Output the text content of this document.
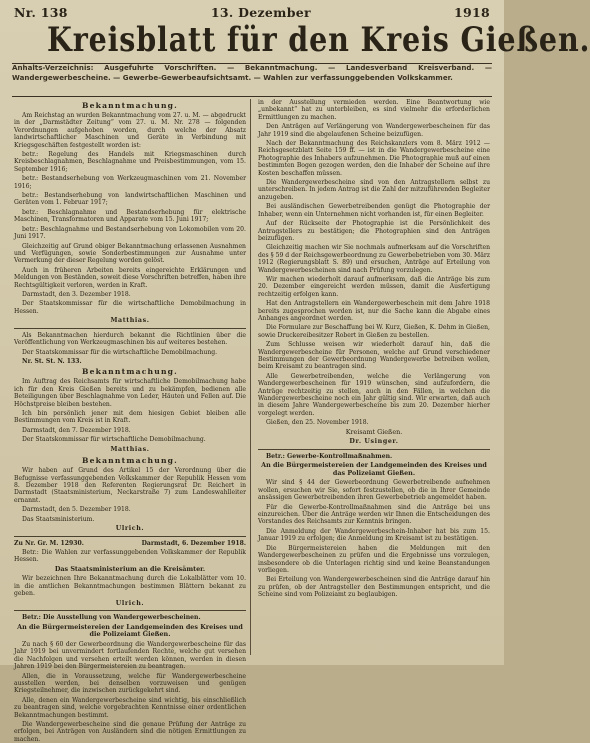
Nr. 138	13. Dezember	1918
Kreisblatt für den Kreis Gießen.
Anhalts-Verzeichnis: Ausgefuhrte Vorschriften. — Bekanntmachung. — Landesverband Kreisverband. — Wandergewerbescheine. — Gewerbe-Gewerbeaufsichtsamt. — Wahlen zur verfassunggebenden Volkskammer.
Bekanntmachung.

Am Reichstag an wurden Bekanntmachung vom 27. u. M. — abgedruckt in der „Darmstädter Zeitung“ vom 27. u. M. Nr. 278 — folgenden Verordnungen aufgehoben worden, durch welche der Absatz landwirtschaftlicher Maschinen und Geräte in Verbindung mit Kriegsgeschäften festgestellt worden ist:

betr.: Regelung des Handels mit Kriegsmaschinen durch Kreisbeschlagnahmen, Beschlagnahme und Preisbestimmungen, vom 15. September 1916;

betr.: Bestandserhebung von Werkzeugmaschinen vom 21. November 1916;

betr.: Bestandserhebung von landwirtschaftlichen Maschinen und Geräten vom 1. Februar 1917;

betr.: Beschlagnahme und Bestandserhebung für elektrische Maschinen, Transformatoren und Apparate vom 15. Juni 1917;

betr.: Beschlagnahme und Bestandserhebung von Lokomobilen vom 20. Juni 1917.

Gleichzeitig auf Grund obiger Bekanntmachung erlassenen Ausnahmen und Verfügungen, sowie Sonderbestimmungen zur Ausnahme unter Vermerkung der dieser Regelung worden gelöst.

Auch in früheren Arbeiten bereits eingereichte Erklärungen und Meldungen von Beständen, soweit diese Vorschriften betreffen, haben ihre Rechtsgültigkeit verloren, werden in Kraft.

Darmstadt, den 3. Dezember 1918.

Der Staatskommissar für die wirtschaftliche Demobilmachung in Hessen.

Matthias.

Als Bekanntmachen hierdurch bekannt die Richtlinien über die Veröffentlichung von Werkzeugmaschinen bis auf weiteres bestehen.

Der Staatskommissar für die wirtschaftliche Demobilmachung.

Nr. St. St. N. 133.

Bekanntmachung.

Im Auftrag des Reichsamts für wirtschaftliche Demobilmachung habe ich für den Kreis Gießen bereits und zu bekämpfen, bedienen alle Beteiligungen über Beschlagnahme von Leder, Häuten und Fellen auf. Die Höchstpreise bleiben bestehen.

Ich bin persönlich jener mit dem hiesigen Gebiet bleiben alle Bestimmungen vom Kreis ist in Kraft.

Darmstadt, den 7. Dezember 1918.

Der Staatskommissar für wirtschaftliche Demobilmachung.

Matthias.
Bekanntmachung.

Wir haben auf Grund des Artikel 15 der Verordnung über die Befugnisse verfassunggebenden Volkskammer der Republik Hessen vom 8. Dezember 1918 den Referenten Regierungsrat Dr. Reichert in Darmstadt (Staatsministerium, Neckarstraße 7) zum Landeswahlleiter ernannt.

Darmstadt, den 5. Dezember 1918.

Das Staatsministerium.

Ulrich.
Zu Nr. Gr. M. 12930.	Darmstadt, 6. Dezember 1918.

Betr.: Die Wahlen zur verfassunggebenden Volkskammer der Republik Hessen.

Das Staatsministerium an die Kreisämter.

Wir bezeichnen Ihre Bekanntmachung durch die Lokalblätter vom 10. in die amtlichen Bekanntmachungen bestimmen Blättern bekannt zu geben.

Ulrich.

Betr.: Die Ausstellung von Wandergewerbescheinen.

An die Bürgermeistereien der Landgemeinden des Kreises und die Polizeiamt Gießen.

Zu nach § 60 der Gewerbeordnung die Wandergewerbescheine für das Jahr 1919 bei unvermindert fortlaufenden Rechte, welche gut versehen die Nachfolgen und versehen erteilt werden können, werden in diesen Jahren 1919 bei den Bürgermeistereien zu beantragen.

Allen, die in Voraussetzung, welche für Wandergewerbescheine ausstellen werden, bei denselben vorzuweisen und genügen Kriegsteilnehmer, die inzwischen zurückgekehrt sind.

Alle, denen ein Wandergewerbescheine sind wichtig, bis einschließlich zu beantragen sind, welche vorgebrachten Kenntnisse einer ordentlichen Bekanntmachungen bestimmt.

Die Wandergewerbescheine sind die genaue Prüfung der Anträge zu erfolgen, bei Anträgen von Ausländern sind die nötigen Ermittlungen zu machen.

in der Ausstellung vermieden werden. Eine Beantwortung wie „unbekannt“ hat zu unterbleiben, es sind vielmehr die erforderlichen Ermittlungen zu machen.

Den Anträgen auf Verlängerung von Wandergewerbescheinen für das Jahr 1919 sind die abgelaufenen Scheine beizufügen.

Nach der Bekanntmachung des Reichskanzlers vom 8. März 1912 — Reichsgesetzblatt Seite 159 ff. — ist in die Wandergewerbescheine eine Photographie des Inhabers aufzunehmen. Die Photographie muß auf einen bestimmten Bogen gezogen werden, den die Inhaber der Scheine auf ihre Kosten beschaffen müssen.

Die Wandergewerbescheine sind von den Antragstellern selbst zu unterschreiben. In jedem Antrag ist die Zahl der mitzuführenden Begleiter anzugeben.

Bei ausländischen Gewerbetreibenden genügt die Photographie der Inhaber, wenn ein Unternehmen nicht vorhanden ist, für einen Begleiter.

Auf der Rückseite der Photographie ist die Persönlichkeit des Antragstellers zu bestätigen; die Photographien sind den Anträgen beizufügen.

Gleichzeitig machen wir Sie nochmals aufmerksam auf die Vorschriften des § 59 d der Reichsgewerbeordnung zu Gewerbebetrieben vom 30. März 1912 (Regierungsblatt S. 89) und ersuchen, Anträge auf Erteilung von Wandergewerbescheinen sind nach Prüfung vorzulegen.

Wir machen wiederholt darauf aufmerksam, daß die Anträge bis zum 20. Dezember eingereicht werden müssen, damit die Ausfertigung rechtzeitig erfolgen kann.

Hat den Antragstellern ein Wandergewerbeschein mit dem Jahre 1918 bereits zugesprochen worden ist, nur die Sache kann die Abgabe eines Anhanges angeordnet werden.

Die Formulare zur Beschaffung bei W. Kurz, Gießen, K. Dehm in Gießen, sowie Druckereibesitzer Robert in Gießen zu bestellen.

Zum Schlusse weisen wir wiederholt darauf hin, daß die Wandergewerbescheine für Personen, welche auf Grund verschiedener Bestimmungen der Gewerbeordnung Wandergewerbe betreiben wollen, beim Kreisamt zu beantragen sind.

Alle Gewerbetreibenden, welche die Verlängerung von Wandergewerbescheinen für 1919 wünschen, sind aufzufordern, die Anträge rechtzeitig zu stellen, auch in den Fällen, in welchen die Wandergewerbescheine noch ein Jahr gültig sind. Wir erwarten, daß auch in diesem Jahre Wandergewerbescheine bis zum 20. Dezember hierher vorgelegt werden.

Gießen, den 25. November 1918.

Kreisamt Gießen.

Dr. Usinger.

Betr.: Gewerbe-Kontrollmaßnahmen.

An die Bürgermeistereien der Landgemeinden des Kreises und das Polizeiamt Gießen.

Wir sind § 44 der Gewerbeordnung Gewerbetreibende aufnehmen wollen, ersuchen wir Sie, sofort festzustellen, ob die in Ihrer Gemeinde ansässigen Gewerbetreibenden ihren Gewerbebetrieb angemeldet haben.

Für die Gewerbe-Kontrollmaßnahmen sind die Anträge bei uns einzureichen. Über die Anträge werden wir Ihnen die Entscheidungen des Vorstandes des Reichsamts zur Kenntnis bringen.

Die Anmeldung der Wandergewerbeschein-Inhaber hat bis zum 15. Januar 1919 zu erfolgen; die Anmeldung im Kreisamt ist zu bestätigen.

Die Bürgermeistereien haben die Meldungen mit den Wandergewerbescheinen zu prüfen und die Ergebnisse uns vorzulegen, insbesondere ob die Unterlagen richtig sind und keine Beanstandungen vorliegen.

Bei Erteilung von Wandergewerbescheinen sind die Anträge darauf hin zu prüfen, ob der Antragsteller den Bestimmungen entspricht, und die Scheine sind vom Polizeiamt zu beglaubigen.
